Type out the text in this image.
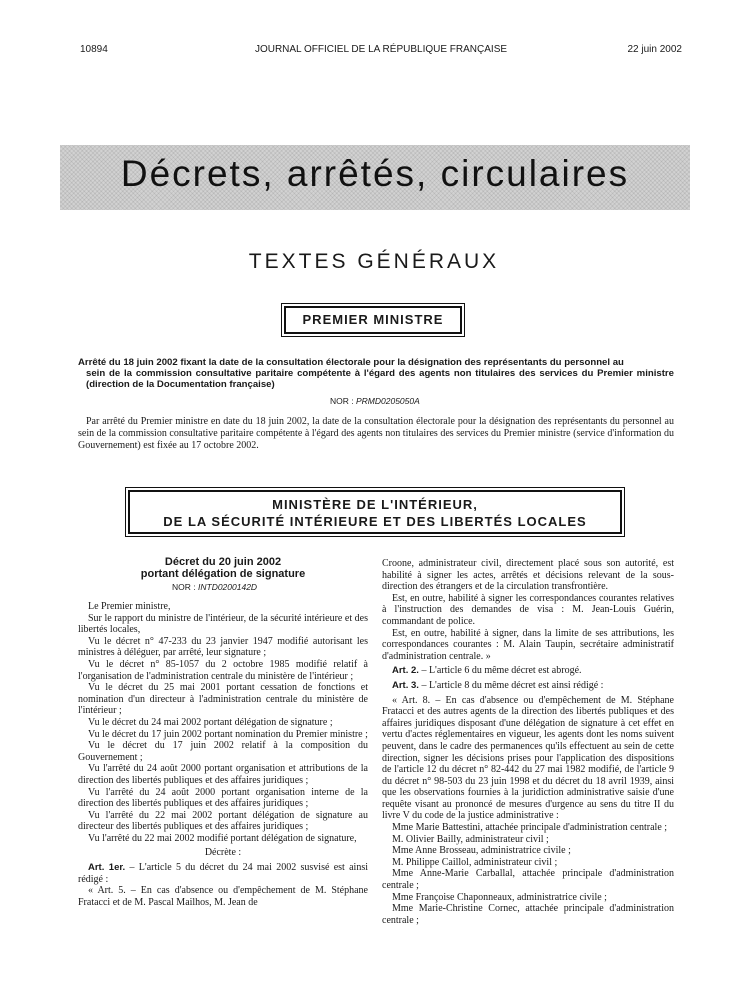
10894	JOURNAL OFFICIEL DE LA RÉPUBLIQUE FRANÇAISE	22 juin 2002
Décrets, arrêtés, circulaires
TEXTES GÉNÉRAUX
PREMIER MINISTRE
Arrêté du 18 juin 2002 fixant la date de la consultation électorale pour la désignation des représentants du personnel au
sein de la commission consultative paritaire compétente à l'égard des agents non titulaires des services du Premier ministre (direction de la Documentation française)
NOR : PRMD0205050A
Par arrêté du Premier ministre en date du 18 juin 2002, la date de la consultation électorale pour la désignation des représentants du personnel au sein de la commission consultative paritaire compétente à l'égard des agents non titulaires des services du Premier ministre (service d'information du Gouvernement) est fixée au 17 octobre 2002.
MINISTÈRE DE L'INTÉRIEUR,
DE LA SÉCURITÉ INTÉRIEURE ET DES LIBERTÉS LOCALES
Décret du 20 juin 2002
portant délégation de signature
NOR : INTD0200142D

Le Premier ministre,

Sur le rapport du ministre de l'intérieur, de la sécurité intérieure et des libertés locales,

Vu le décret n° 47-233 du 23 janvier 1947 modifié autorisant les ministres à déléguer, par arrêté, leur signature ;

Vu le décret n° 85-1057 du 2 octobre 1985 modifié relatif à l'organisation de l'administration centrale du ministère de l'intérieur ;

Vu le décret du 25 mai 2001 portant cessation de fonctions et nomination d'un directeur à l'administration centrale du ministère de l'intérieur ;

Vu le décret du 24 mai 2002 portant délégation de signature ;

Vu le décret du 17 juin 2002 portant nomination du Premier ministre ;

Vu le décret du 17 juin 2002 relatif à la composition du Gouvernement ;

Vu l'arrêté du 24 août 2000 portant organisation et attributions de la direction des libertés publiques et des affaires juridiques ;

Vu l'arrêté du 24 août 2000 portant organisation interne de la direction des libertés publiques et des affaires juridiques ;

Vu l'arrêté du 22 mai 2002 portant délégation de signature au directeur des libertés publiques et des affaires juridiques ;

Vu l'arrêté du 22 mai 2002 modifié portant délégation de signature,

Décrète :

Art. 1er. – L'article 5 du décret du 24 mai 2002 susvisé est ainsi rédigé :

« Art. 5. – En cas d'absence ou d'empêchement de M. Stéphane Fratacci et de M. Pascal Mailhos, M. Jean de

Croone, administrateur civil, directement placé sous son autorité, est habilité à signer les actes, arrêtés et décisions relevant de la sous-direction des étrangers et de la circulation transfrontière.

Est, en outre, habilité à signer les correspondances courantes relatives à l'instruction des demandes de visa : M. Jean-Louis Guérin, commandant de police.

Est, en outre, habilité à signer, dans la limite de ses attributions, les correspondances courantes : M. Alain Taupin, secrétaire administratif d'administration centrale. »

Art. 2. – L'article 6 du même décret est abrogé.

Art. 3. – L'article 8 du même décret est ainsi rédigé :

« Art. 8. – En cas d'absence ou d'empêchement de M. Stéphane Fratacci et des autres agents de la direction des libertés publiques et des affaires juridiques disposant d'une délégation de signature à cet effet en vertu d'actes réglementaires en vigueur, les agents dont les noms suivent peuvent, dans le cadre des permanences qu'ils effectuent au sein de cette direction, signer les décisions prises pour l'application des dispositions de l'article 12 du décret n° 82-442 du 27 mai 1982 modifié, de l'article 9 du décret n° 98-503 du 23 juin 1998 et du décret du 18 avril 1939, ainsi que les observations fournies à la juridiction administrative saisie d'une requête visant au prononcé de mesures d'urgence au sens du titre II du livre V du code de la justice administrative :

Mme Marie Battestini, attachée principale d'administration centrale ;

M. Olivier Bailly, administrateur civil ;

Mme Anne Brosseau, administratrice civile ;

M. Philippe Caillol, administrateur civil ;

Mme Anne-Marie Carballal, attachée principale d'administration centrale ;

Mme Françoise Chaponneaux, administratrice civile ;

Mme Marie-Christine Cornec, attachée principale d'administration centrale ;
